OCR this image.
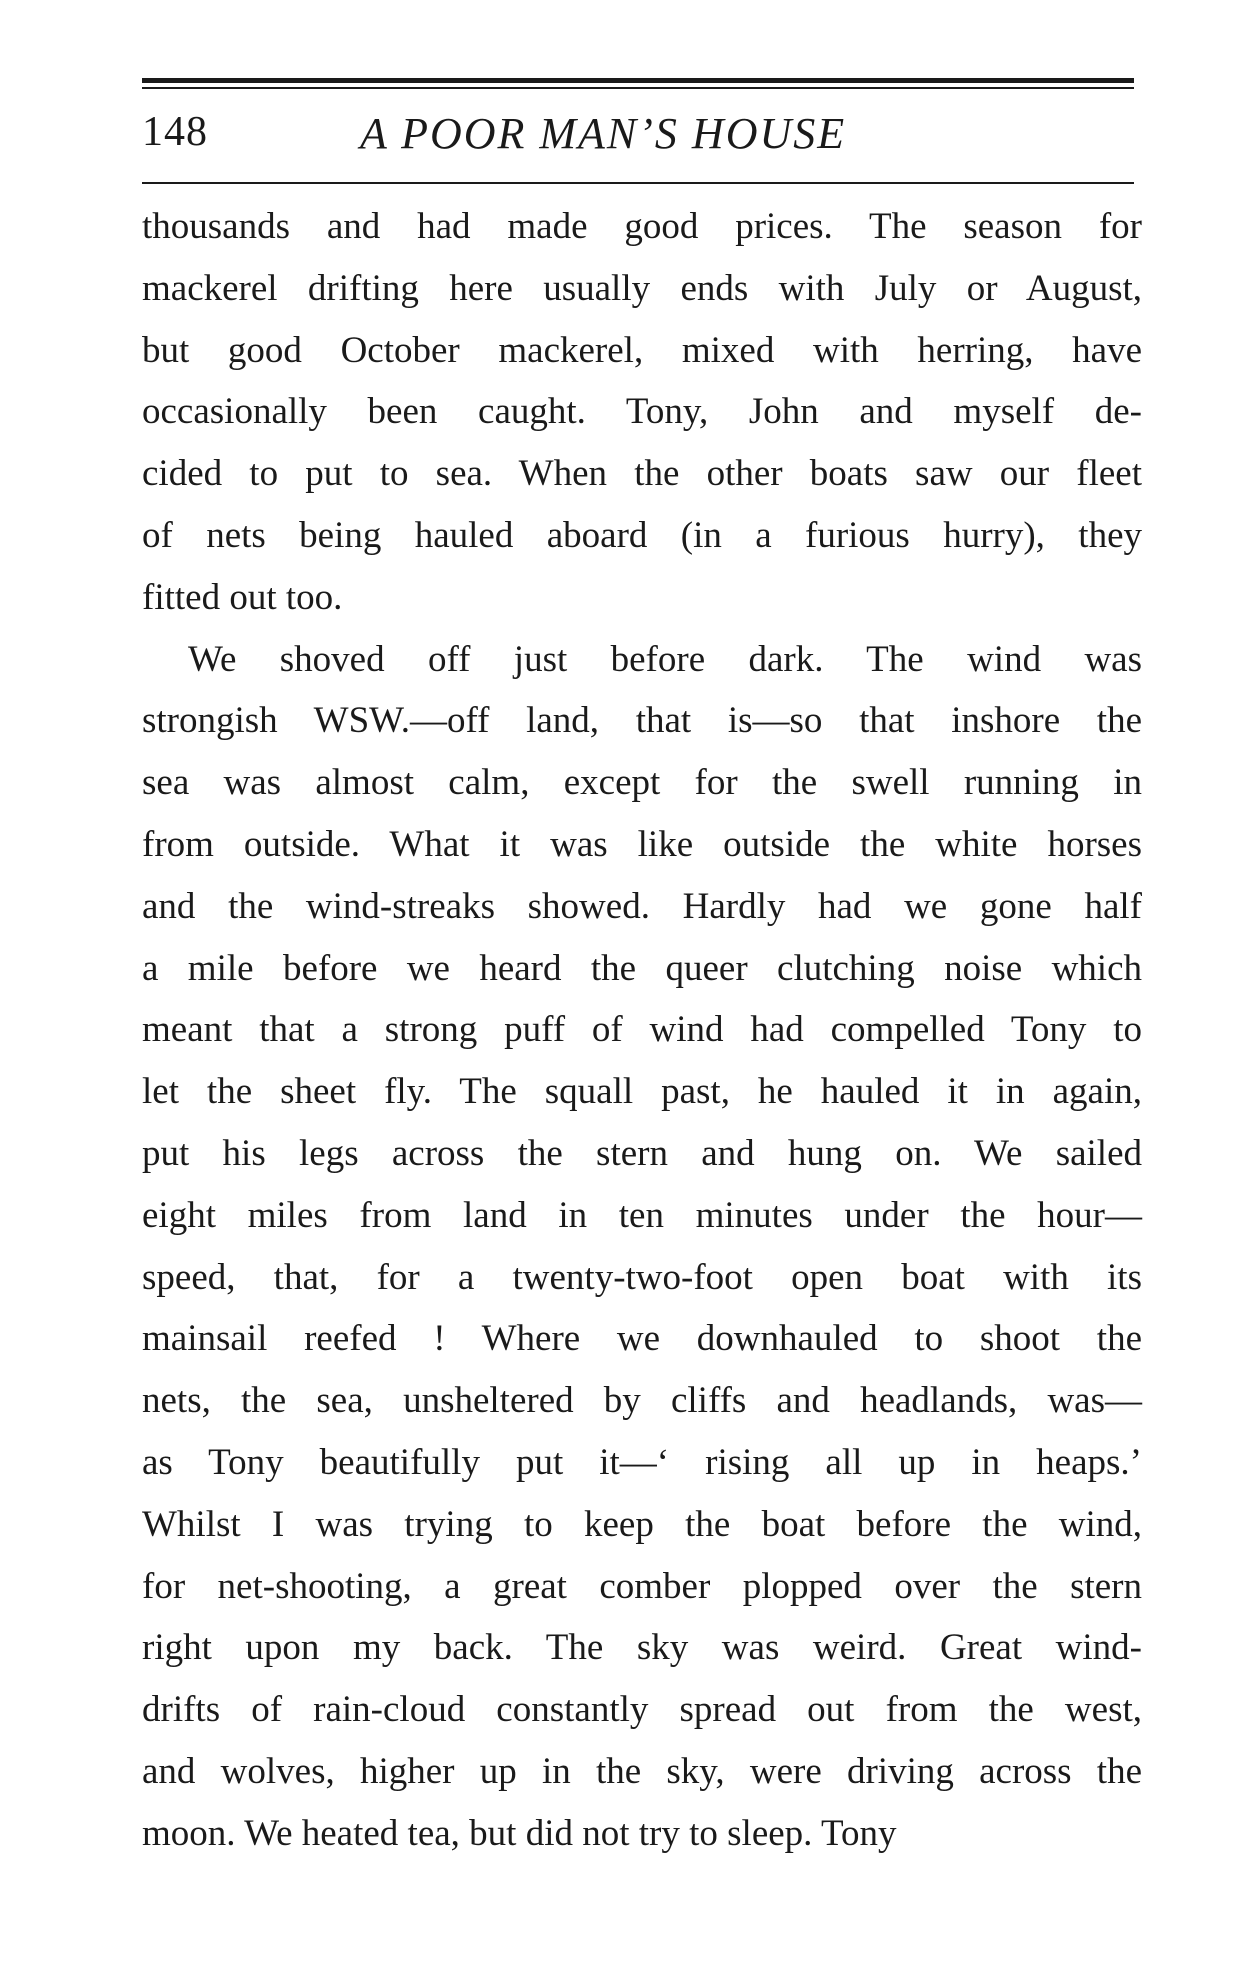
148	A POOR MAN’S HOUSE
thousands and had made good prices. The season for
mackerel drifting here usually ends with July or August,
but good October mackerel, mixed with herring, have
occasionally been caught. Tony, John and myself de-
cided to put to sea. When the other boats saw our fleet
of nets being hauled aboard (in a furious hurry), they
fitted out too.
We shoved off just before dark. The wind was
strongish WSW.—off land, that is—so that inshore the
sea was almost calm, except for the swell running in
from outside. What it was like outside the white horses
and the wind-streaks showed. Hardly had we gone half
a mile before we heard the queer clutching noise which
meant that a strong puff of wind had compelled Tony to
let the sheet fly. The squall past, he hauled it in again,
put his legs across the stern and hung on. We sailed
eight miles from land in ten minutes under the hour—
speed, that, for a twenty-two-foot open boat with its
mainsail reefed ! Where we downhauled to shoot the
nets, the sea, unsheltered by cliffs and headlands, was—
as Tony beautifully put it—‘ rising all up in heaps.’
Whilst I was trying to keep the boat before the wind,
for net-shooting, a great comber plopped over the stern
right upon my back. The sky was weird. Great wind-
drifts of rain-cloud constantly spread out from the west,
and wolves, higher up in the sky, were driving across the
moon. We heated tea, but did not try to sleep. Tony
